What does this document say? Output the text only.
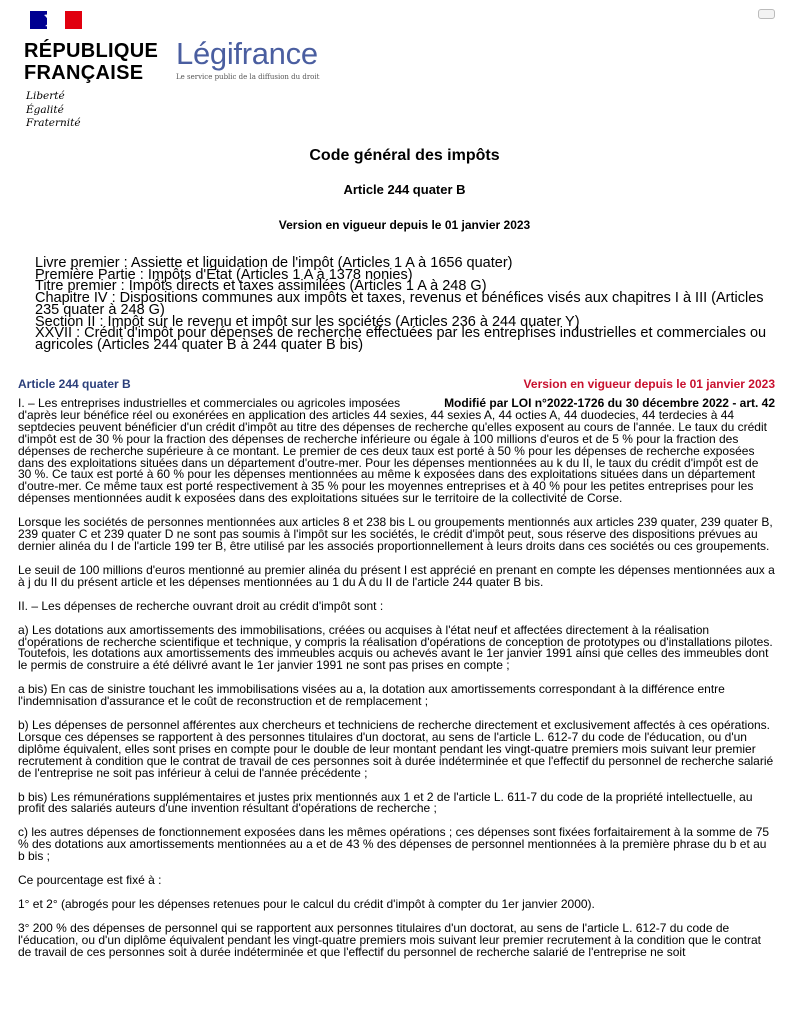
RÉPUBLIQUE
FRANÇAISE
Liberté
Égalité
Fraternité
Légifrance
Le service public de la diffusion du droit
Code général des impôts
Article 244 quater B
Version en vigueur depuis le 01 janvier 2023
Livre premier : Assiette et liquidation de l'impôt (Articles 1 A à 1656 quater)
Première Partie : Impôts d'État (Articles 1 A à 1378 nonies)
Titre premier : Impôts directs et taxes assimilées (Articles 1 A à 248 G)
Chapitre IV : Dispositions communes aux impôts et taxes, revenus et bénéfices visés aux chapitres I à III (Articles 235 quater à 248 G)
Section II : Impôt sur le revenu et impôt sur les sociétés (Articles 236 à 244 quater Y)
XXVII : Crédit d'impôt pour dépenses de recherche effectuées par les entreprises industrielles et commerciales ou agricoles (Articles 244 quater B à 244 quater B bis)
Article 244 quater B	Version en vigueur depuis le 01 janvier 2023

Modifié par LOI n°2022-1726 du 30 décembre 2022 - art. 42
I. – Les entreprises industrielles et commerciales ou agricoles imposées d'après leur bénéfice réel ou exonérées en application des articles 44 sexies, 44 sexies A, 44 octies A, 44 duodecies, 44 terdecies à 44 septdecies peuvent bénéficier d'un crédit d'impôt au titre des dépenses de recherche qu'elles exposent au cours de l'année. Le taux du crédit d'impôt est de 30 % pour la fraction des dépenses de recherche inférieure ou égale à 100 millions d'euros et de 5 % pour la fraction des dépenses de recherche supérieure à ce montant. Le premier de ces deux taux est porté à 50 % pour les dépenses de recherche exposées dans des exploitations situées dans un département d'outre-mer. Pour les dépenses mentionnées au k du II, le taux du crédit d'impôt est de 30 %. Ce taux est porté à 60 % pour les dépenses mentionnées au même k exposées dans des exploitations situées dans un département d'outre-mer. Ce même taux est porté respectivement à 35 % pour les moyennes entreprises et à 40 % pour les petites entreprises pour les dépenses mentionnées audit k exposées dans des exploitations situées sur le territoire de la collectivité de Corse.

Lorsque les sociétés de personnes mentionnées aux articles 8 et 238 bis L ou groupements mentionnés aux articles 239 quater, 239 quater B, 239 quater C et 239 quater D ne sont pas soumis à l'impôt sur les sociétés, le crédit d'impôt peut, sous réserve des dispositions prévues au dernier alinéa du I de l'article 199 ter B, être utilisé par les associés proportionnellement à leurs droits dans ces sociétés ou ces groupements.

Le seuil de 100 millions d'euros mentionné au premier alinéa du présent I est apprécié en prenant en compte les dépenses mentionnées aux a à j du II du présent article et les dépenses mentionnées au 1 du A du II de l'article 244 quater B bis.

II. – Les dépenses de recherche ouvrant droit au crédit d'impôt sont :

a) Les dotations aux amortissements des immobilisations, créées ou acquises à l'état neuf et affectées directement à la réalisation d'opérations de recherche scientifique et technique, y compris la réalisation d'opérations de conception de prototypes ou d'installations pilotes. Toutefois, les dotations aux amortissements des immeubles acquis ou achevés avant le 1er janvier 1991 ainsi que celles des immeubles dont le permis de construire a été délivré avant le 1er janvier 1991 ne sont pas prises en compte ;

a bis) En cas de sinistre touchant les immobilisations visées au a, la dotation aux amortissements correspondant à la différence entre l'indemnisation d'assurance et le coût de reconstruction et de remplacement ;

b) Les dépenses de personnel afférentes aux chercheurs et techniciens de recherche directement et exclusivement affectés à ces opérations. Lorsque ces dépenses se rapportent à des personnes titulaires d'un doctorat, au sens de l'article L. 612-7 du code de l'éducation, ou d'un diplôme équivalent, elles sont prises en compte pour le double de leur montant pendant les vingt-quatre premiers mois suivant leur premier recrutement à condition que le contrat de travail de ces personnes soit à durée indéterminée et que l'effectif du personnel de recherche salarié de l'entreprise ne soit pas inférieur à celui de l'année précédente ;

b bis) Les rémunérations supplémentaires et justes prix mentionnés aux 1 et 2 de l'article L. 611-7 du code de la propriété intellectuelle, au profit des salariés auteurs d'une invention résultant d'opérations de recherche ;

c) les autres dépenses de fonctionnement exposées dans les mêmes opérations ; ces dépenses sont fixées forfaitairement à la somme de 75 % des dotations aux amortissements mentionnées au a et de 43 % des dépenses de personnel mentionnées à la première phrase du b et au b bis ;

Ce pourcentage est fixé à :

1° et 2° (abrogés pour les dépenses retenues pour le calcul du crédit d'impôt à compter du 1er janvier 2000).

3° 200 % des dépenses de personnel qui se rapportent aux personnes titulaires d'un doctorat, au sens de l'article L. 612-7 du code de l'éducation, ou d'un diplôme équivalent pendant les vingt-quatre premiers mois suivant leur premier recrutement à la condition que le contrat de travail de ces personnes soit à durée indéterminée et que l'effectif du personnel de recherche salarié de l'entreprise ne soit
